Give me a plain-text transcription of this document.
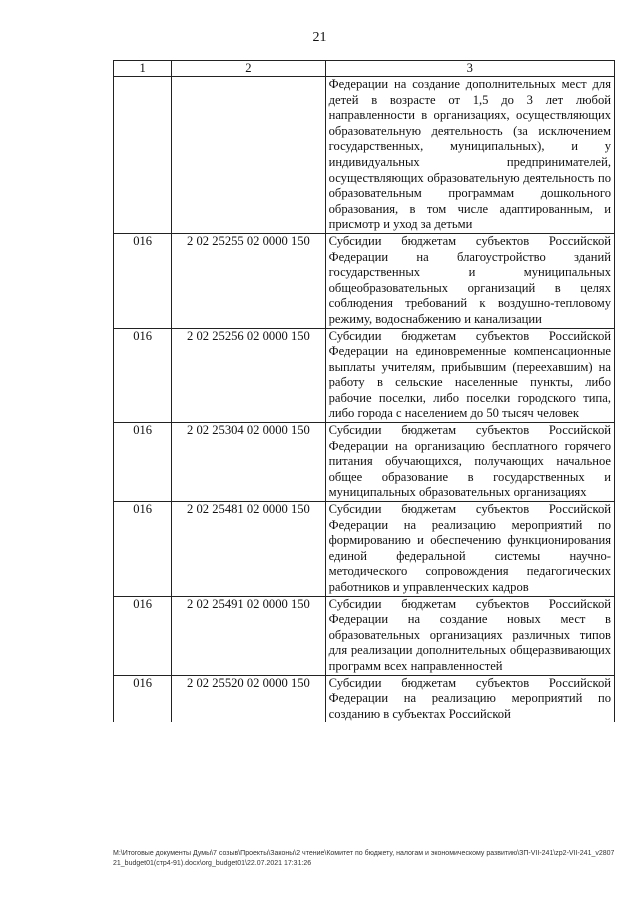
21
1	2	3
		Федерации на создание дополнительных мест для детей в возрасте от 1,5 до 3 лет любой направленности в организациях, осуществляющих образовательную деятельность (за исключением государственных, муниципальных), и у индивидуальных предпринимателей, осуществляющих образовательную деятельность по образовательным программам дошкольного образования, в том числе адаптированным, и присмотр и уход за детьми
016	2 02 25255 02 0000 150	Субсидии бюджетам субъектов Российской Федерации на благоустройство зданий государственных и муниципальных общеобразовательных организаций в целях соблюдения требований к воздушно-тепловому режиму, водоснабжению и канализации
016	2 02 25256 02 0000 150	Субсидии бюджетам субъектов Российской Федерации на единовременные компенсационные выплаты учителям, прибывшим (переехавшим) на работу в сельские населенные пункты, либо рабочие поселки, либо поселки городского типа, либо города с населением до 50 тысяч человек
016	2 02 25304 02 0000 150	Субсидии бюджетам субъектов Российской Федерации на организацию бесплатного горячего питания обучающихся, получающих начальное общее образование в государственных и муниципальных образовательных организациях
016	2 02 25481 02 0000 150	Субсидии бюджетам субъектов Российской Федерации на реализацию мероприятий по формированию и обеспечению функционирования единой федеральной системы научно-методического сопровождения педагогических работников и управленческих кадров
016	2 02 25491 02 0000 150	Субсидии бюджетам субъектов Российской Федерации на создание новых мест в образовательных организациях различных типов для реализации дополнительных общеразвивающих программ всех направленностей
016	2 02 25520 02 0000 150	Субсидии бюджетам субъектов Российской Федерации на реализацию мероприятий по созданию в субъектах Российской
M:\Итоговые документы Думы\7 созыв\Проекты\Законы\2 чтение\Комитет по бюджету, налогам и экономическому развитию\ЗП-VII-241\zp2-VII-241_v280721_budget01(стр4-91).docx\org_budget01\22.07.2021 17:31:26
